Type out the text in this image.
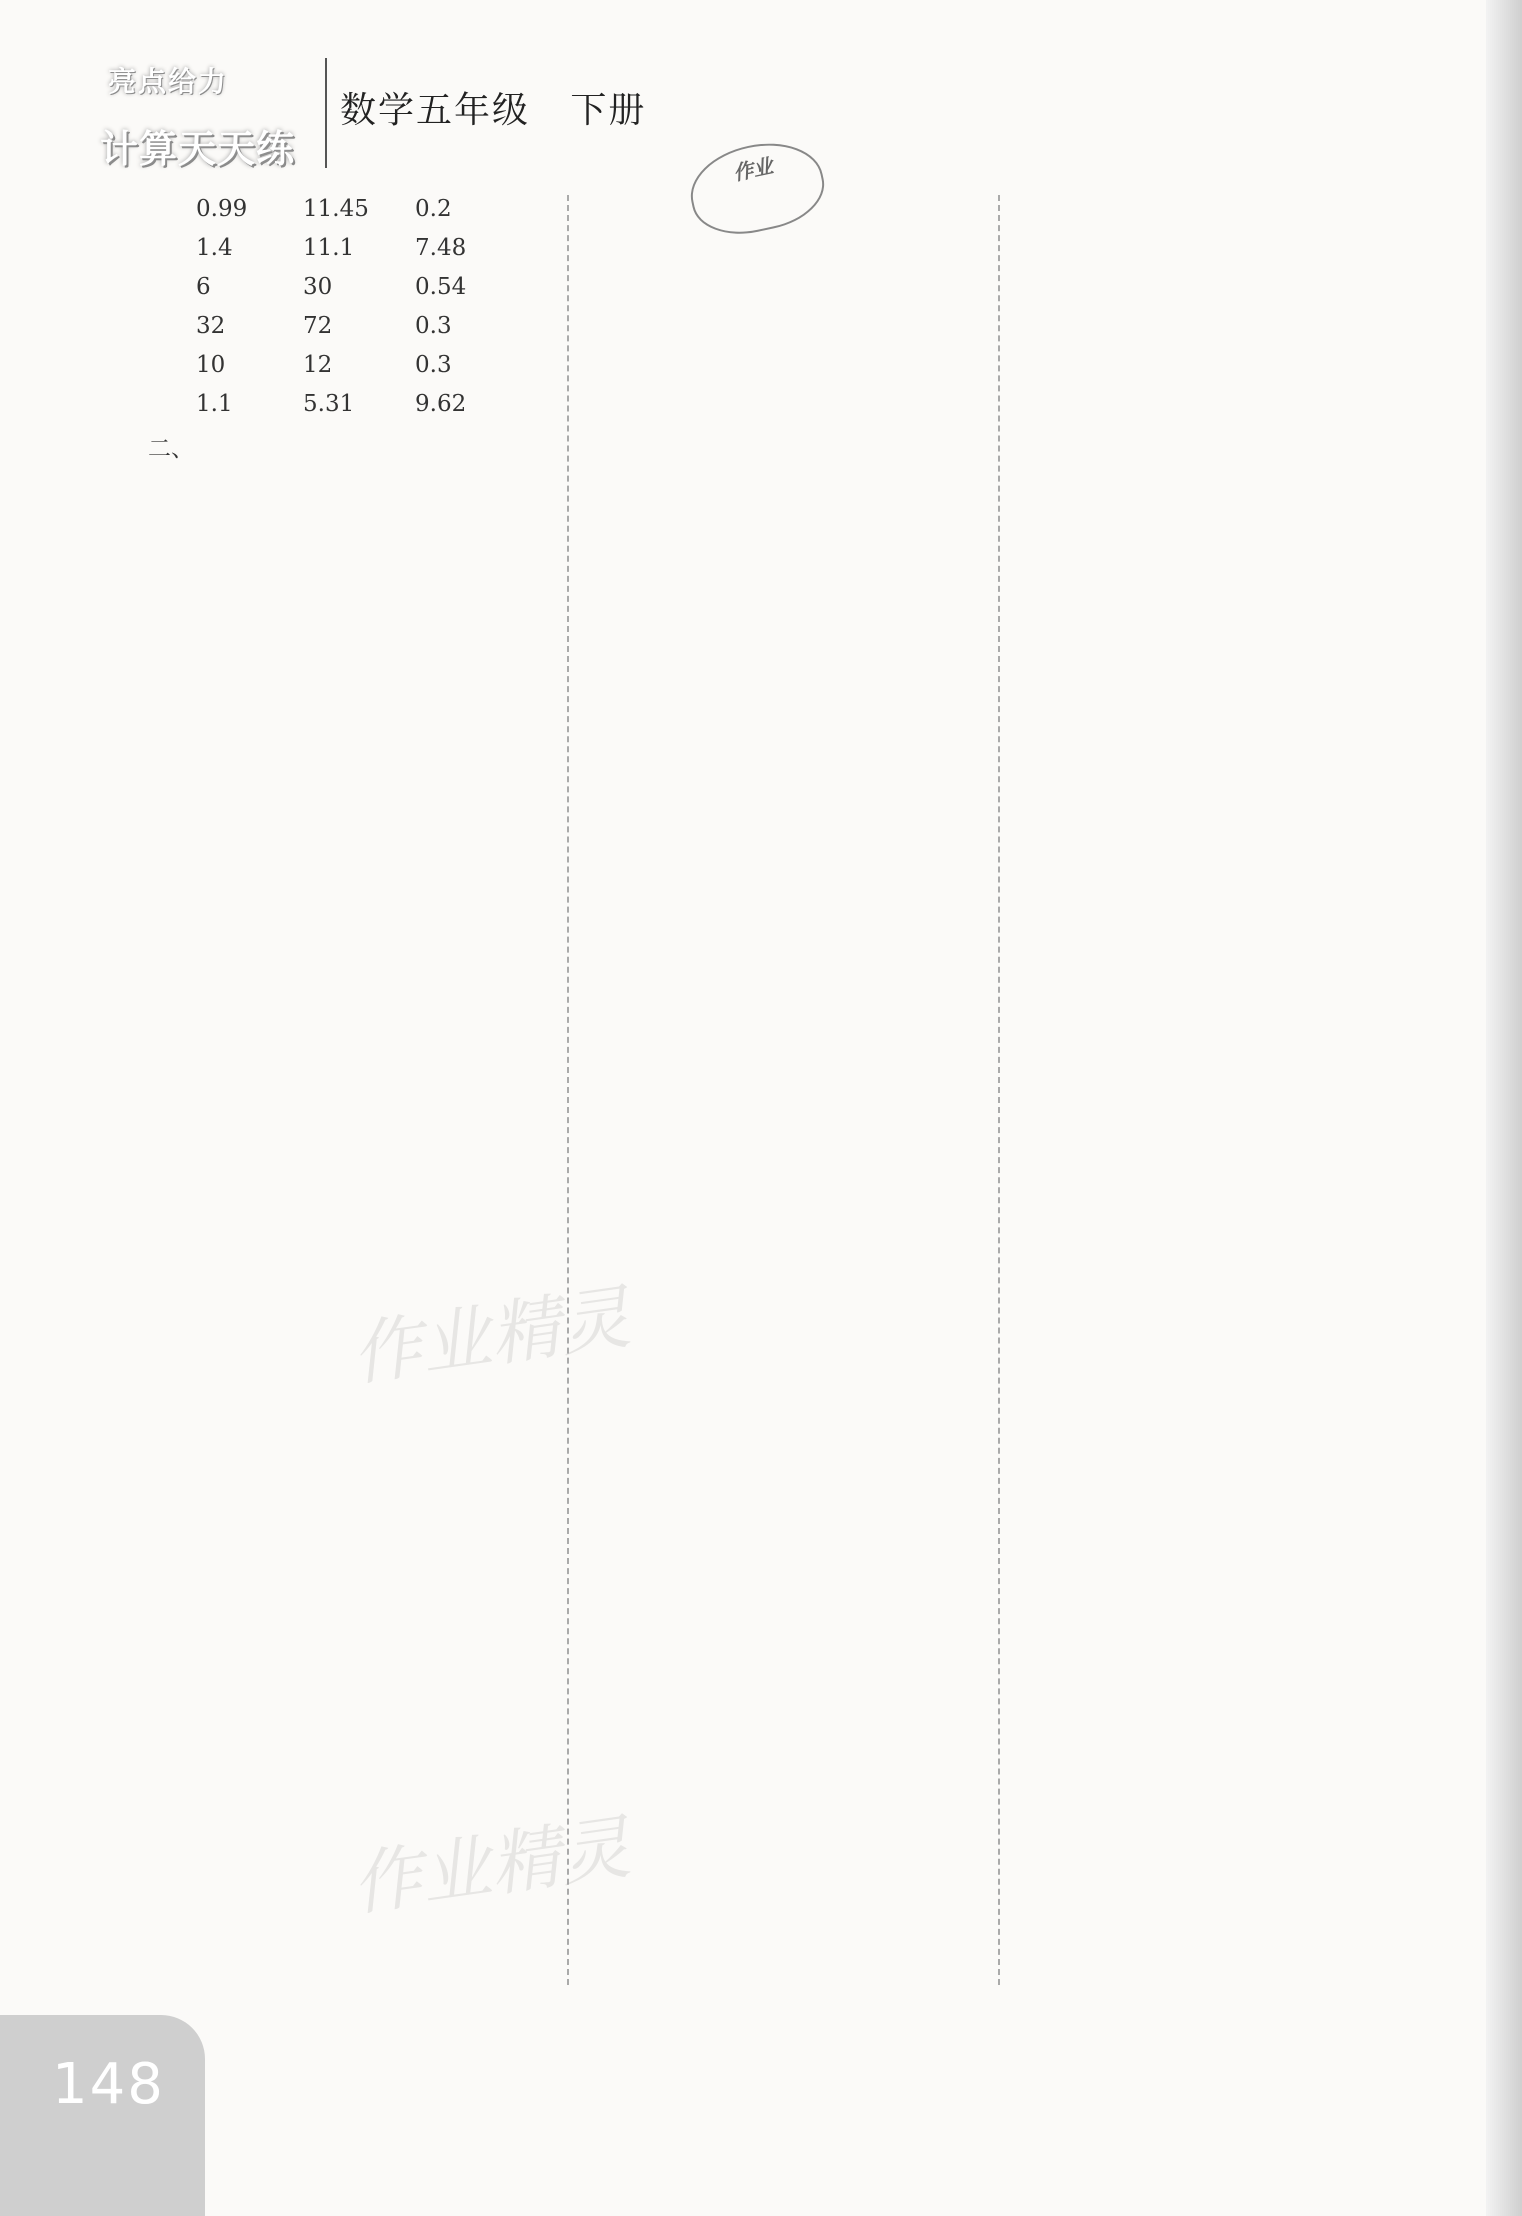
亮点给力
计算天天练
数学五年级   下册
作业
0.99 11.45 0.2
1.4	11.1	7.48
6	30	0.54
32	72	0.3
10	12	0.3
1.1	5.31	9.62
二、
作业精灵
作业精灵
148
